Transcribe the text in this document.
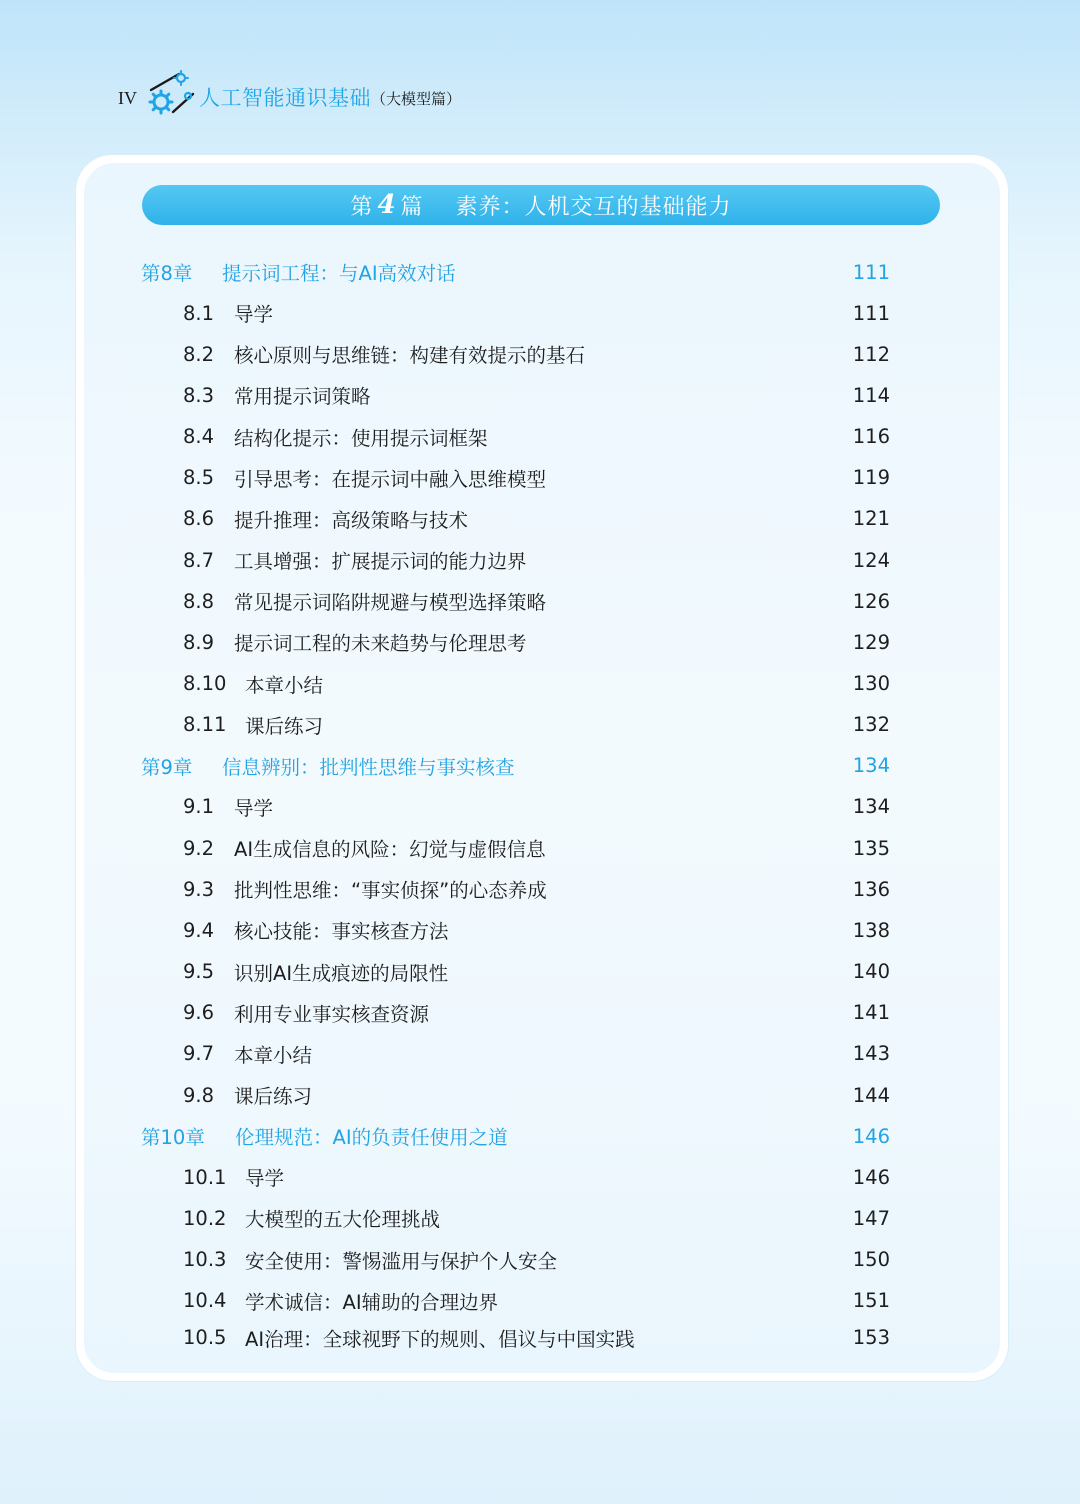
IV	人工智能通识基础 （大模型篇）
第 4 篇 素养：人机交互的基础能力
第8章 提示词工程：与AI高效对话	111
8.1 导学	111
8.2 核心原则与思维链：构建有效提示的基石	112
8.3 常用提示词策略	114
8.4 结构化提示：使用提示词框架	116
8.5 引导思考：在提示词中融入思维模型	119
8.6 提升推理：高级策略与技术	121
8.7 工具增强：扩展提示词的能力边界	124
8.8 常见提示词陷阱规避与模型选择策略	126
8.9 提示词工程的未来趋势与伦理思考	129
8.10 本章小结	130
8.11 课后练习	132
第9章 信息辨别：批判性思维与事实核查	134
9.1 导学	134
9.2 AI生成信息的风险：幻觉与虚假信息	135
9.3 批判性思维：“事实侦探”的心态养成	136
9.4 核心技能：事实核查方法	138
9.5 识别AI生成痕迹的局限性	140
9.6 利用专业事实核查资源	141
9.7 本章小结	143
9.8 课后练习	144
第10章 伦理规范：AI的负责任使用之道	146
10.1 导学	146
10.2 大模型的五大伦理挑战	147
10.3 安全使用：警惕滥用与保护个人安全	150
10.4 学术诚信：AI辅助的合理边界	151
10.5 AI治理：全球视野下的规则、倡议与中国实践	153
